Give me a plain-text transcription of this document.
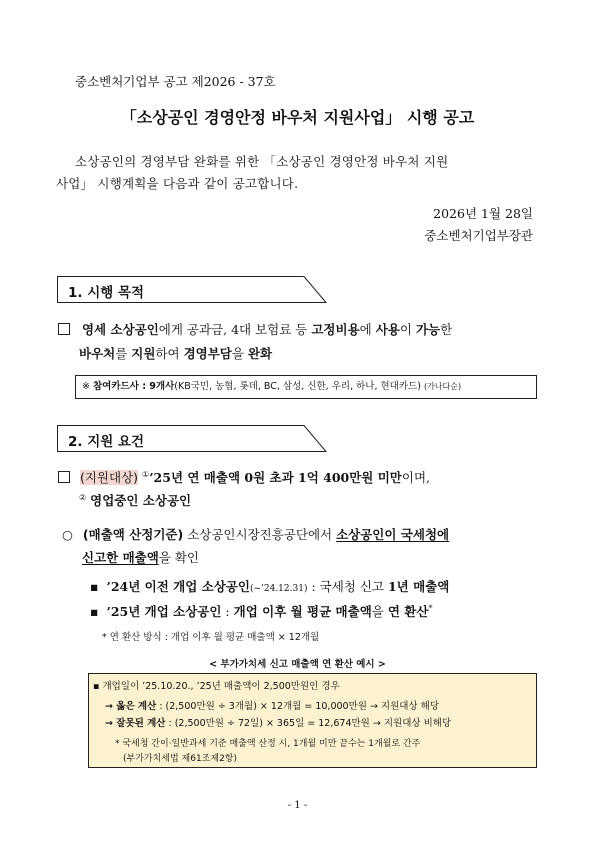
중소벤처기업부 공고 제2026 - 37호
「소상공인 경영안정 바우처 지원사업」 시행 공고
소상공인의 경영부담 완화를 위한 「소상공인 경영안정 바우처 지원
사업」 시행계획을 다음과 같이 공고합니다.
2026년 1월 28일
중소벤처기업부장관
1. 시행 목적
영세 소상공인에게 공과금, 4대 보험료 등 고정비용에 사용이 가능한
바우처를 지원하여 경영부담을 완화
※ 참여카드사 : 9개사(KB국민, 농협, 롯데, BC, 삼성, 신한, 우리, 하나, 현대카드) (가나다순)
2. 지원 요건
(지원대상) ①’25년 연 매출액 0원 초과 1억 400만원 미만이며,
② 영업중인 소상공인
○ (매출액 산정기준) 소상공인시장진흥공단에서 소상공인이 국세청에
신고한 매출액을 확인
▪ ’24년 이전 개업 소상공인(~’24.12.31) : 국세청 신고 1년 매출액
▪ ’25년 개업 소상공인 : 개업 이후 월 평균 매출액을 연 환산*
* 연 환산 방식 : 개업 이후 월 평균 매출액 × 12개월
< 부가가치세 신고 매출액 연 환산 예시 >
▪ 개업일이 ’25.10.20., ’25년 매출액이 2,500만원인 경우
→ 옳은 계산 : (2,500만원 ÷ 3개월) × 12개월 = 10,000만원 → 지원대상 해당
→ 잘못된 계산 : (2,500만원 ÷ 72일) × 365일 = 12,674만원 → 지원대상 비해당
* 국세청 간이·일반과세 기준 매출액 산정 시, 1개월 미만 끝수는 1개월로 간주
(부가가치세법 제61조제2항)
- 1 -
